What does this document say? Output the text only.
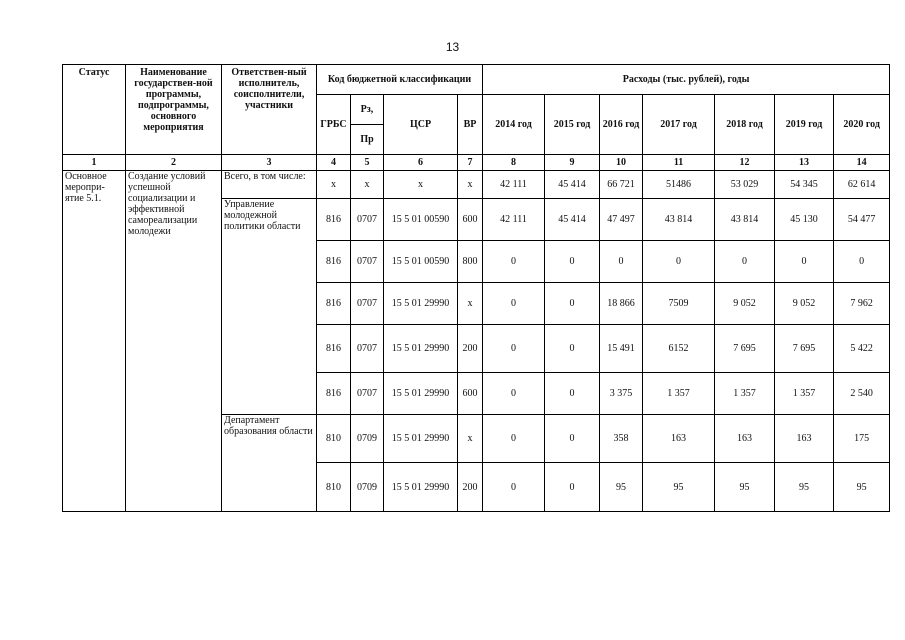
13
Статус	Наименование государствен-ной программы, подпрограммы, основного мероприятия	Ответствен-ный исполнитель, соисполнители, участники	Код бюджетной классификации				Расходы (тыс. рублей), годы						
			ГРБС	Рз,	ЦСР	ВР	2014 год	2015 год	2016 год	2017 год	2018 год	2019 год	2020 год
				Пр									
1	2	3	4	5	6	7	8	9	10	11	12	13	14
Основное меропри-ятие 5.1.	Создание условий успешной социализации и эффективной самореализации молодежи	Всего, в том числе:	х	х	х	х	42 111	45 414	66 721	51486	53 029	54 345	62 614
		Управление молодежной политики области	816	0707	15 5 01 00590	600	42 111	45 414	47 497	43 814	43 814	45 130	54 477
			816	0707	15 5 01 00590	800	0	0	0	0	0	0	0
			816	0707	15 5 01 29990	х	0	0	18 866	7509	9 052	9 052	7 962
			816	0707	15 5 01 29990	200	0	0	15 491	6152	7 695	7 695	5 422
			816	0707	15 5 01 29990	600	0	0	3 375	1 357	1 357	1 357	2 540
		Департамент образования области	810	0709	15 5 01 29990	х	0	0	358	163	163	163	175
			810	0709	15 5 01 29990	200	0	0	95	95	95	95	95
